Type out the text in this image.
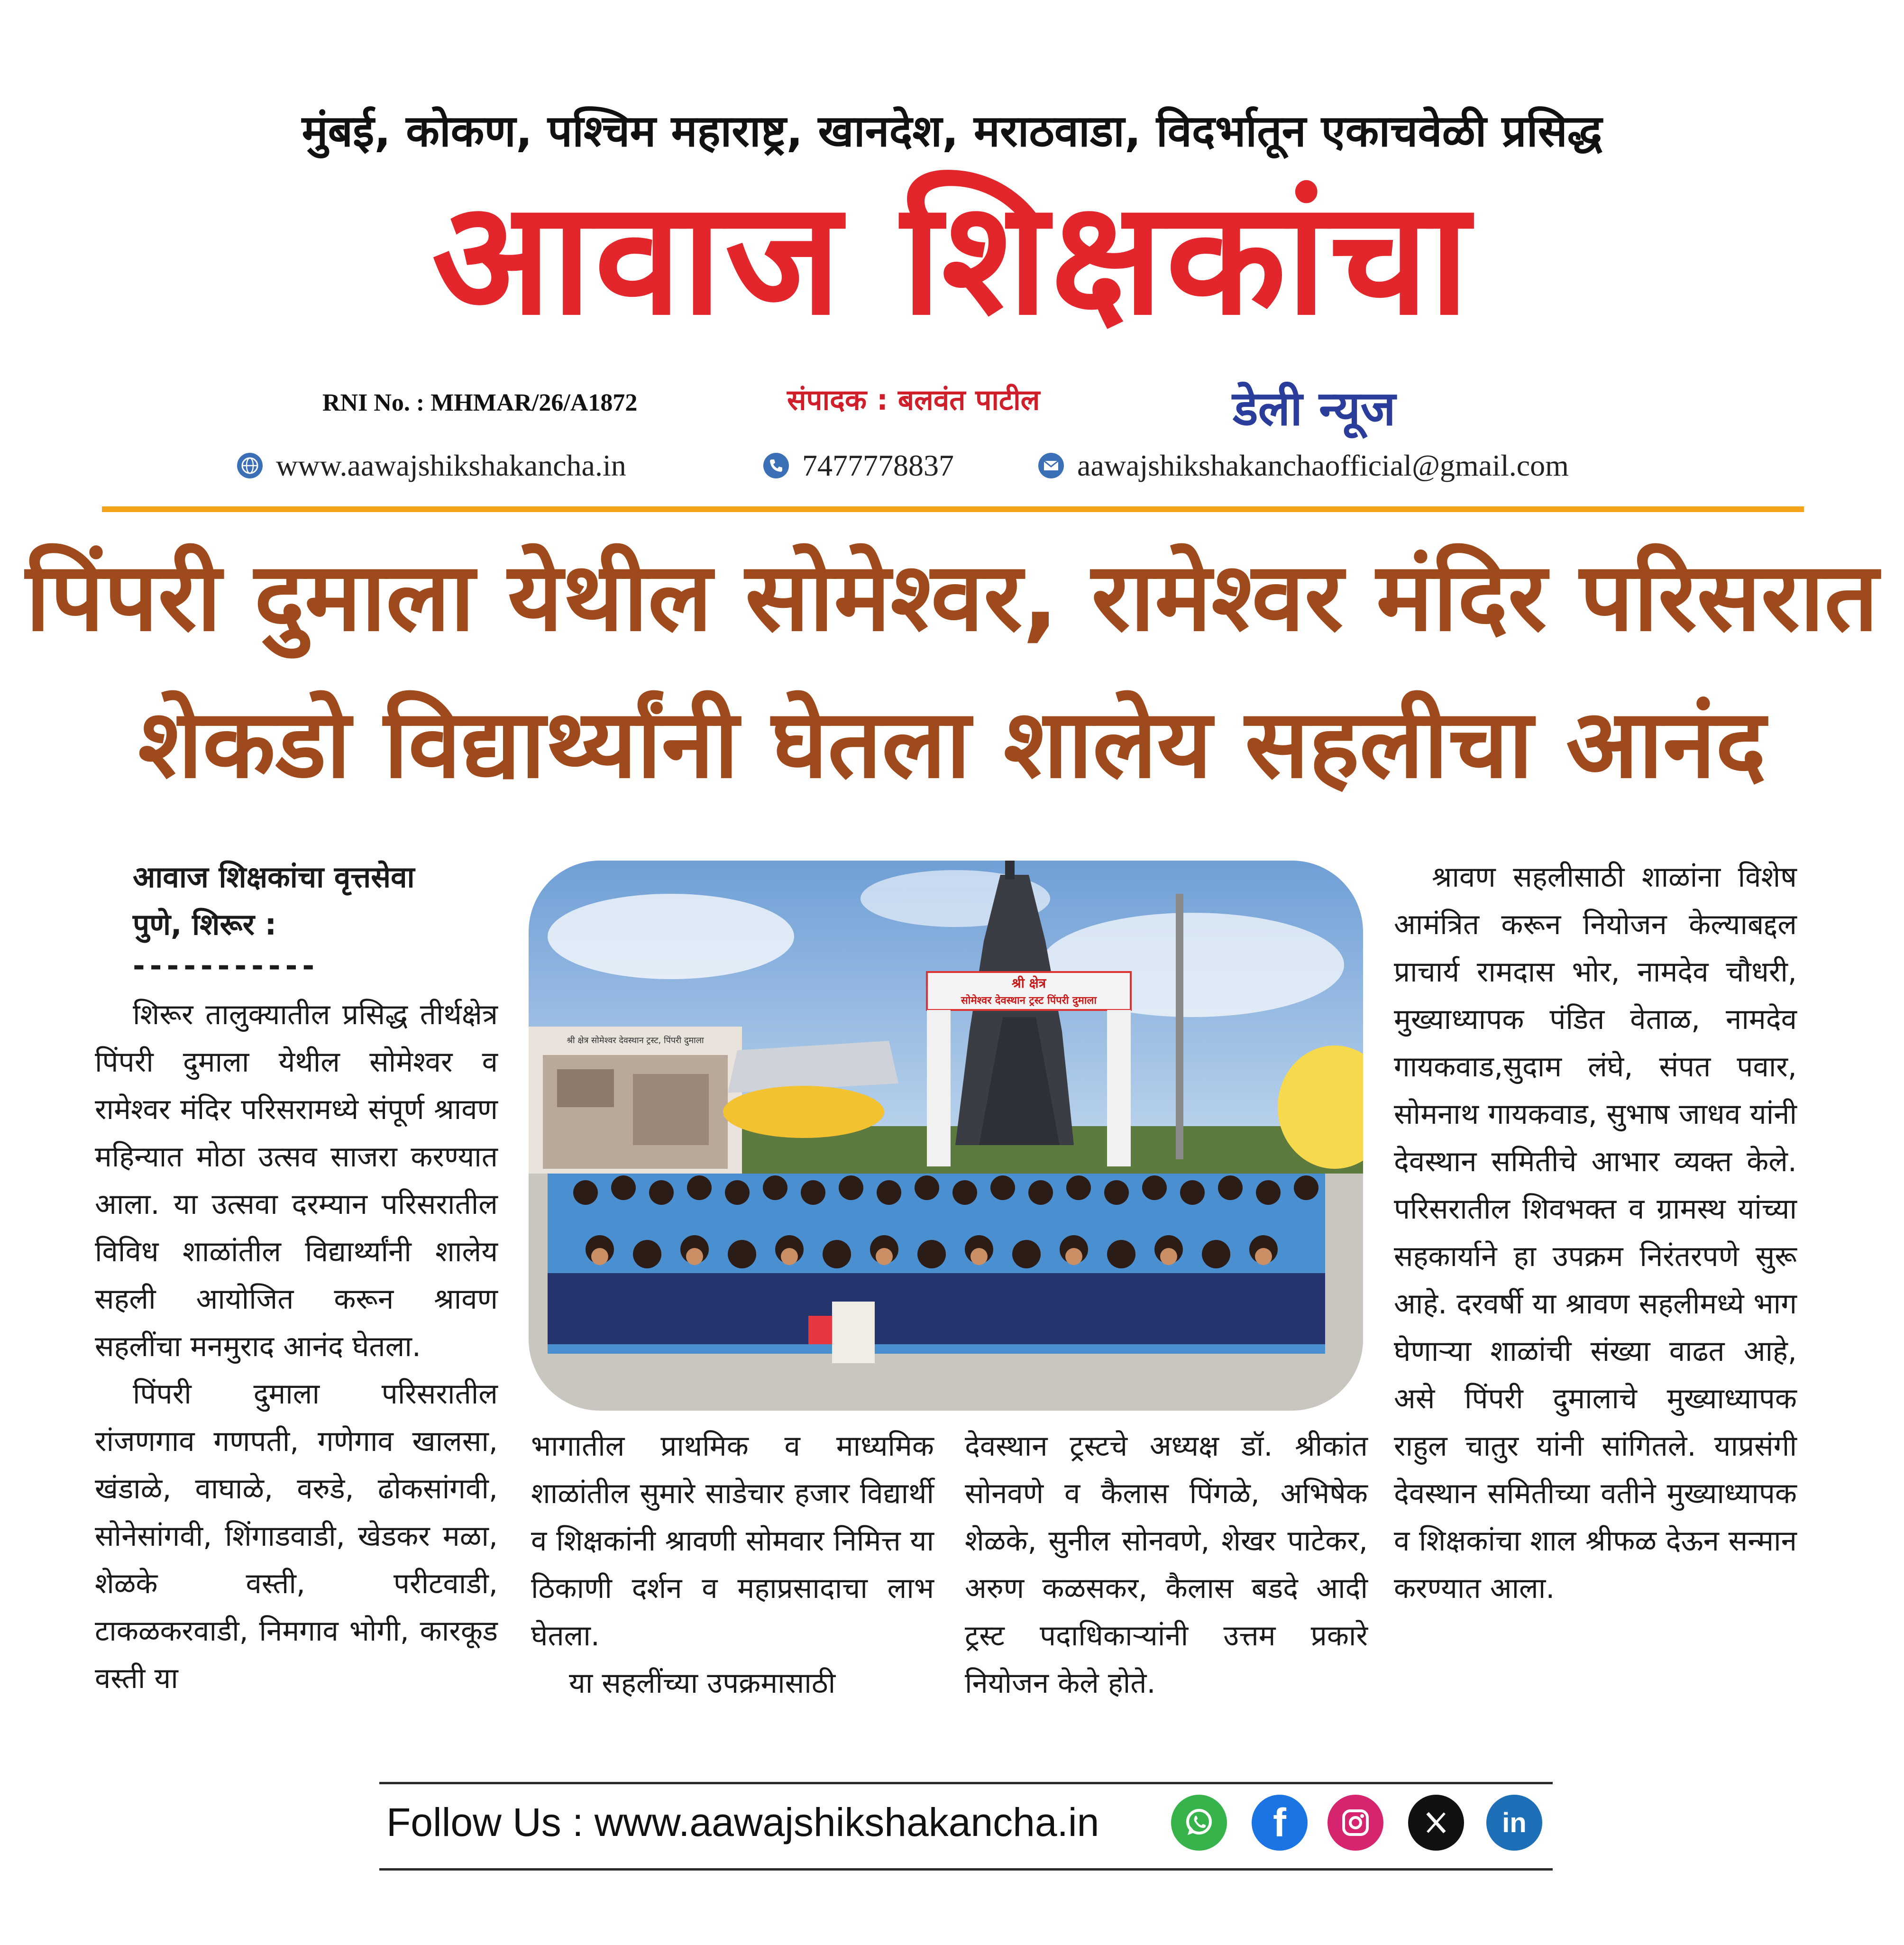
मुंबई, कोकण, पश्चिम महाराष्ट्र, खानदेश, मराठवाडा, विदर्भातून एकाचवेळी प्रसिद्ध
आवाज शिक्षकांचा
RNI No. : MHMAR/26/A1872	संपादक : बलवंत पाटील	डेली न्यूज
www.aawajshikshakancha.in	7477778837	aawajshikshakanchaofficial@gmail.com
पिंपरी दुमाला येथील सोमेश्वर, रामेश्वर मंदिर परिसरात
शेकडो विद्यार्थ्यांनी घेतला शालेय सहलीचा आनंद
आवाज शिक्षकांचा वृत्तसेवा
पुणे, शिरूर :
-----------

शिरूर तालुक्यातील प्रसिद्ध तीर्थक्षेत्र पिंपरी दुमाला येथील सोमेश्वर व रामेश्वर मंदिर परिसरामध्ये संपूर्ण श्रावण महिन्यात मोठा उत्सव साजरा करण्यात आला. या उत्सवा दरम्यान परिसरातील विविध शाळांतील विद्यार्थ्यांनी शालेय सहली आयोजित करून श्रावण सहलींचा मनमुराद आनंद घेतला.

पिंपरी दुमाला परिसरातील रांजणगाव गणपती, गणेगाव खालसा, खंडाळे, वाघाळे, वरुडे, ढोकसांगवी, सोनेसांगवी, शिंगाडवाडी, खेडकर मळा, शेळके वस्ती, परीटवाडी, टाकळकरवाडी, निमगाव भोगी, कारकूड वस्ती या

श्री क्षेत्र
सोमेश्वर देवस्थान ट्रस्ट पिंपरी दुमाला
श्री क्षेत्र सोमेश्वर देवस्थान ट्रस्ट, पिंपरी दुमाला

भागातील प्राथमिक व माध्यमिक शाळांतील सुमारे साडेचार हजार विद्यार्थी व शिक्षकांनी श्रावणी सोमवार निमित्त या ठिकाणी दर्शन व महाप्रसादाचा लाभ घेतला.

या सहलींच्या उपक्रमासाठी

देवस्थान ट्रस्टचे अध्यक्ष डॉ. श्रीकांत सोनवणे व कैलास पिंगळे, अभिषेक शेळके, सुनील सोनवणे, शेखर पाटेकर, अरुण कळसकर, कैलास बडदे आदी ट्रस्ट पदाधिकाऱ्यांनी उत्तम प्रकारे नियोजन केले होते.

श्रावण सहलीसाठी शाळांना विशेष आमंत्रित करून नियोजन केल्याबद्दल प्राचार्य रामदास भोर, नामदेव चौधरी, मुख्याध्यापक पंडित वेताळ, नामदेव गायकवाड,सुदाम लंघे, संपत पवार, सोमनाथ गायकवाड, सुभाष जाधव यांनी देवस्थान समितीचे आभार व्यक्त केले. परिसरातील शिवभक्त व ग्रामस्थ यांच्या सहकार्याने हा उपक्रम निरंतरपणे सुरू आहे. दरवर्षी या श्रावण सहलीमध्ये भाग घेणाऱ्या शाळांची संख्या वाढत आहे, असे पिंपरी दुमालाचे मुख्याध्यापक राहुल चातुर यांनी सांगितले. याप्रसंगी देवस्थान समितीच्या वतीने मुख्याध्यापक व शिक्षकांचा शाल श्रीफळ देऊन सन्मान करण्यात आला.

Follow Us : www.aawajshikshakancha.in	f	in
